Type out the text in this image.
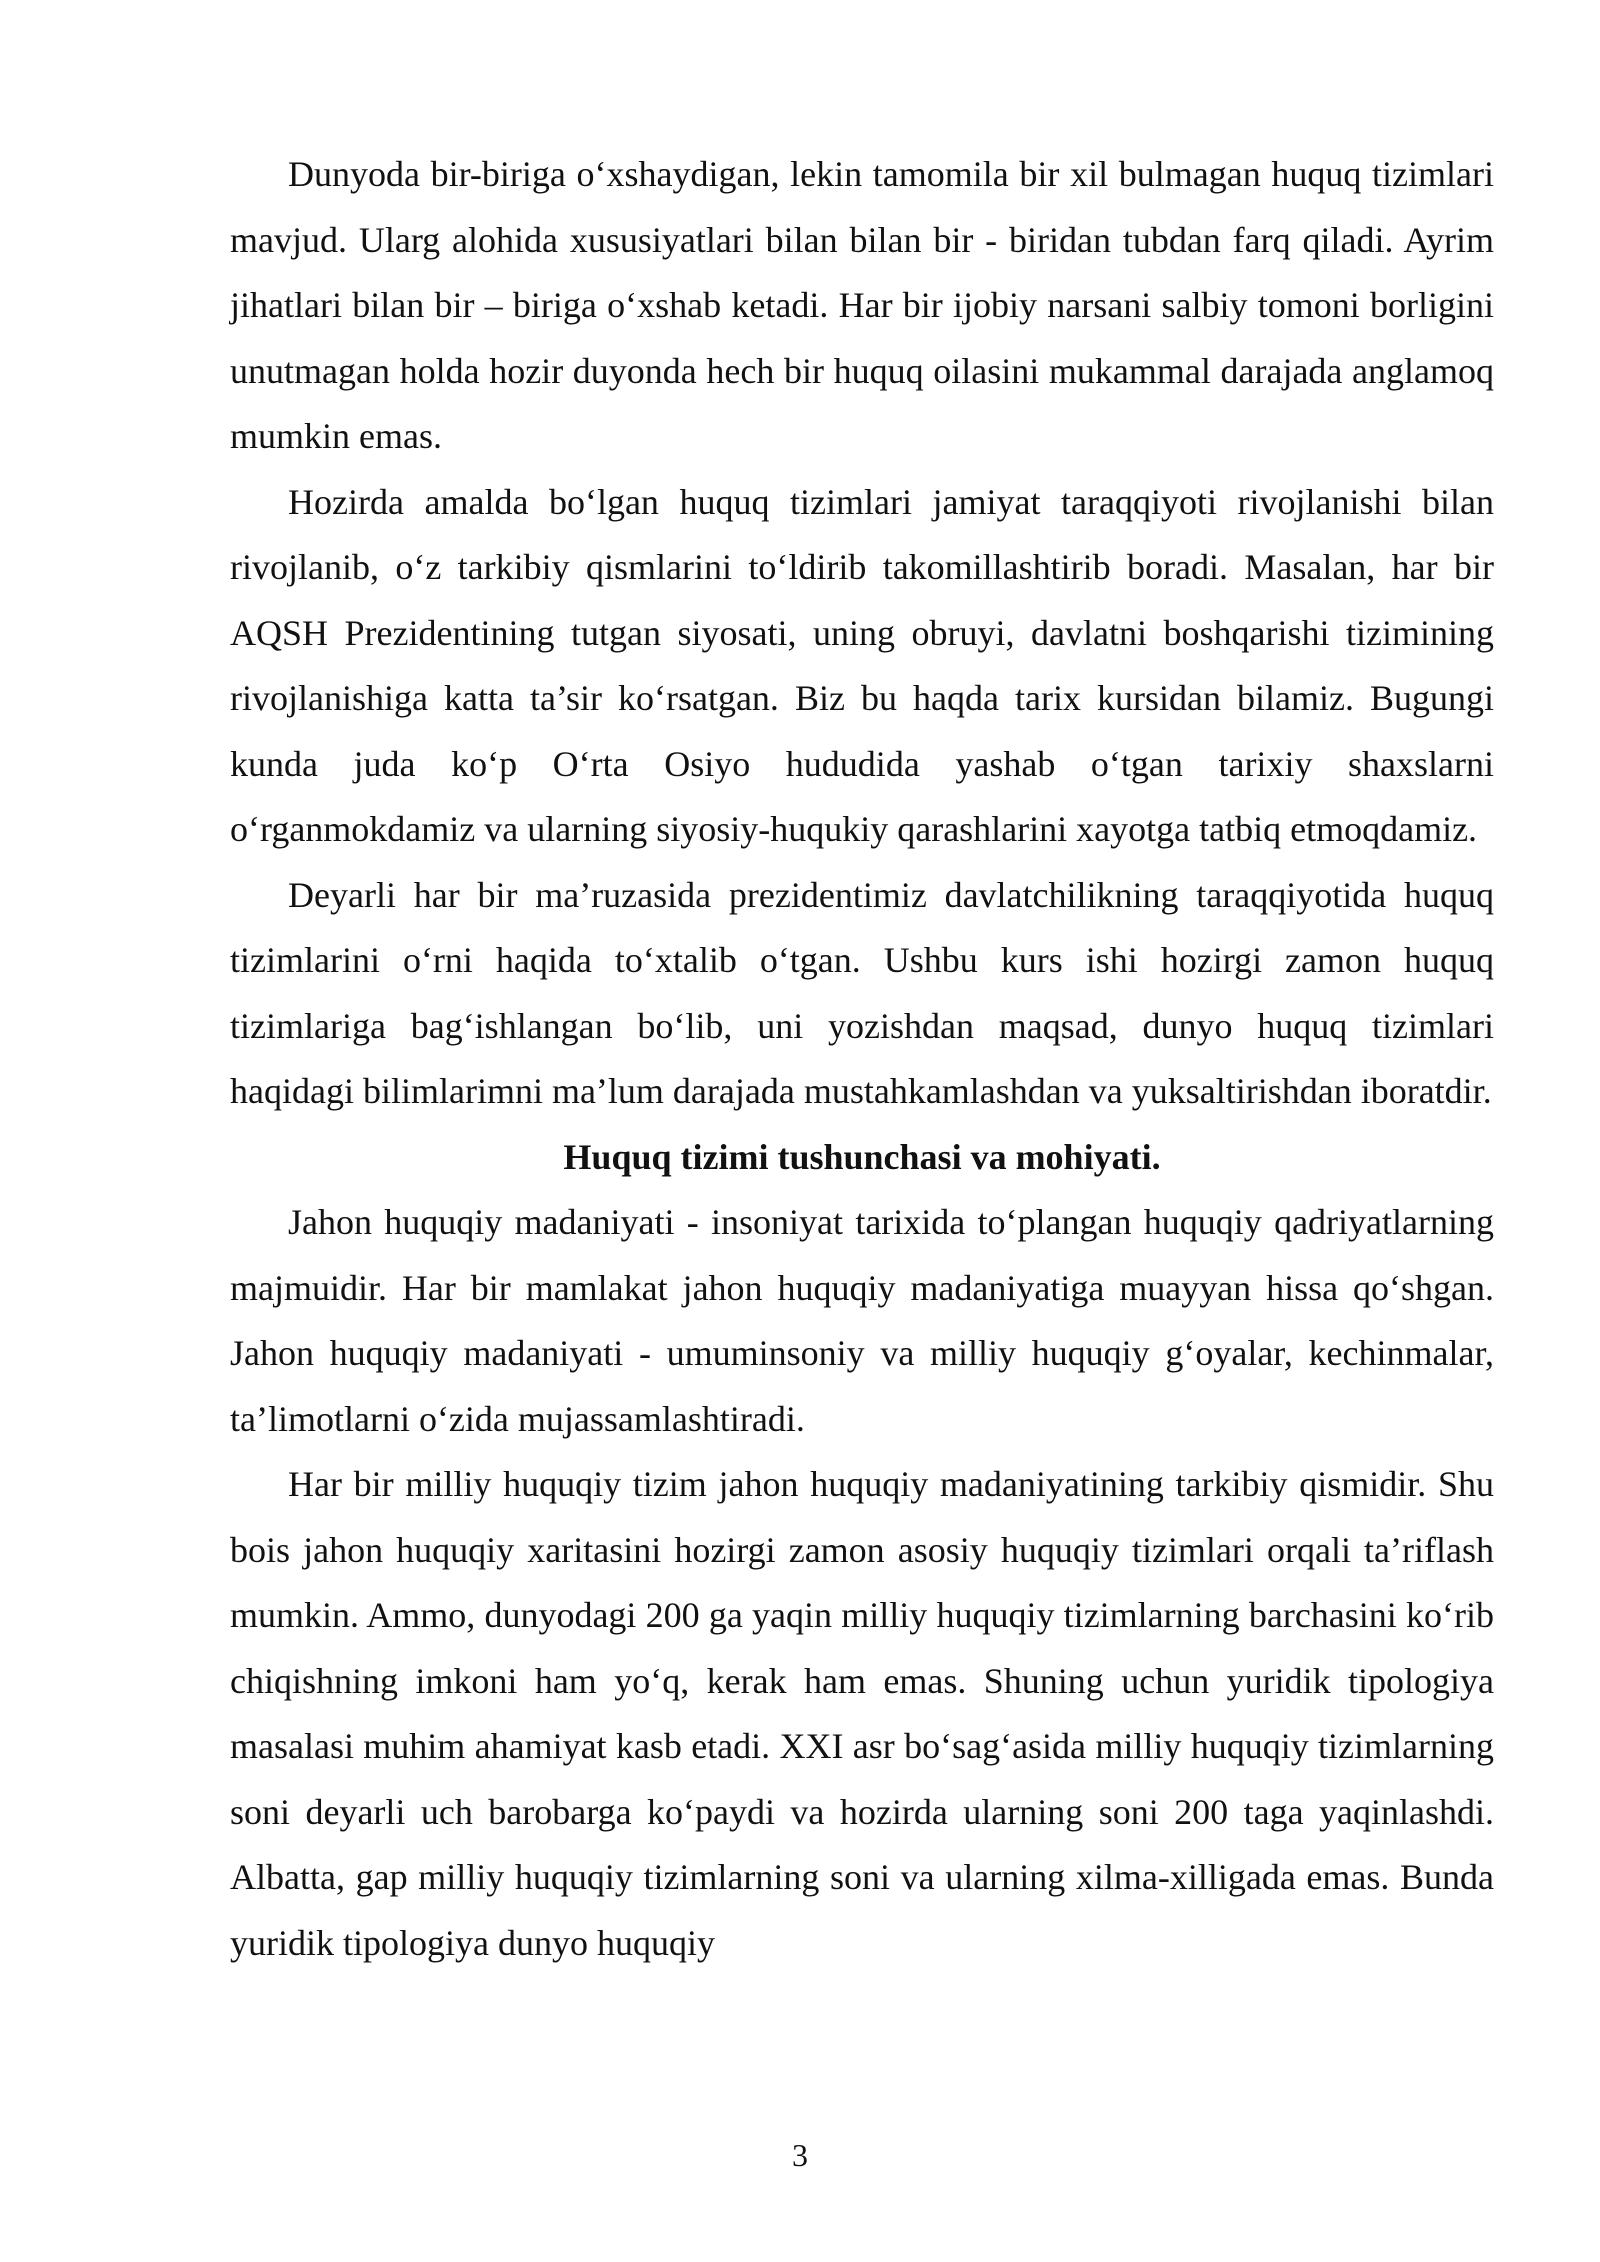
Dunyoda bir-biriga o‘xshaydigan, lekin tamomila bir xil bulmagan huquq tizimlari mavjud. Ularg alohida xususiyatlari bilan bilan bir - biridan tubdan farq qiladi. Ayrim jihatlari bilan bir – biriga o‘xshab ketadi. Har bir ijobiy narsani salbiy tomoni borligini unutmagan holda hozir duyonda hech bir huquq oilasini mukammal darajada anglamoq mumkin emas.

Hozirda amalda bo‘lgan huquq tizimlari jamiyat taraqqiyoti rivojlanishi bilan rivojlanib, o‘z tarkibiy qismlarini to‘ldirib takomillashtirib boradi. Masalan, har bir AQSH Prezidentining tutgan siyosati, uning obruyi, davlatni boshqarishi tizimining rivojlanishiga katta ta’sir ko‘rsatgan. Biz bu haqda tarix kursidan bilamiz. Bugungi kunda juda ko‘p O‘rta Osiyo hududida yashab o‘tgan tarixiy shaxslarni o‘rganmokdamiz va ularning siyosiy-huqukiy qarashlarini xayotga tatbiq etmoqdamiz.

Deyarli har bir ma’ruzasida prezidentimiz davlatchilikning taraqqiyotida huquq tizimlarini o‘rni haqida to‘xtalib o‘tgan. Ushbu kurs ishi hozirgi zamon huquq tizimlariga bag‘ishlangan bo‘lib, uni yozishdan maqsad, dunyo huquq tizimlari haqidagi bilimlarimni ma’lum darajada mustahkamlashdan va yuksaltirishdan iboratdir.

Huquq tizimi tushunchasi va mohiyati.

Jahon huquqiy madaniyati - insoniyat tarixida to‘plangan huquqiy qadriyatlarning majmuidir. Har bir mamlakat jahon huquqiy madaniyatiga muayyan hissa qo‘shgan. Jahon huquqiy madaniyati - umuminsoniy va milliy huquqiy g‘oyalar, kechinmalar, ta’limotlarni o‘zida mujassamlashtiradi.

Har bir milliy huquqiy tizim jahon huquqiy madaniyatining tarkibiy qismidir. Shu bois jahon huquqiy xaritasini hozirgi zamon asosiy huquqiy tizimlari orqali ta’riflash mumkin. Ammo, dunyodagi 200 ga yaqin milliy huquqiy tizimlarning barchasini ko‘rib chiqishning imkoni ham yo‘q, kerak ham emas. Shuning uchun yuridik tipologiya masalasi muhim ahamiyat kasb etadi. XXI asr bo‘sag‘asida milliy huquqiy tizimlarning soni deyarli uch barobarga ko‘paydi va hozirda ularning soni 200 taga yaqinlashdi. Albatta, gap milliy huquqiy tizimlarning soni va ularning xilma-xilligada emas. Bunda yuridik tipologiya dunyo huquqiy

3
